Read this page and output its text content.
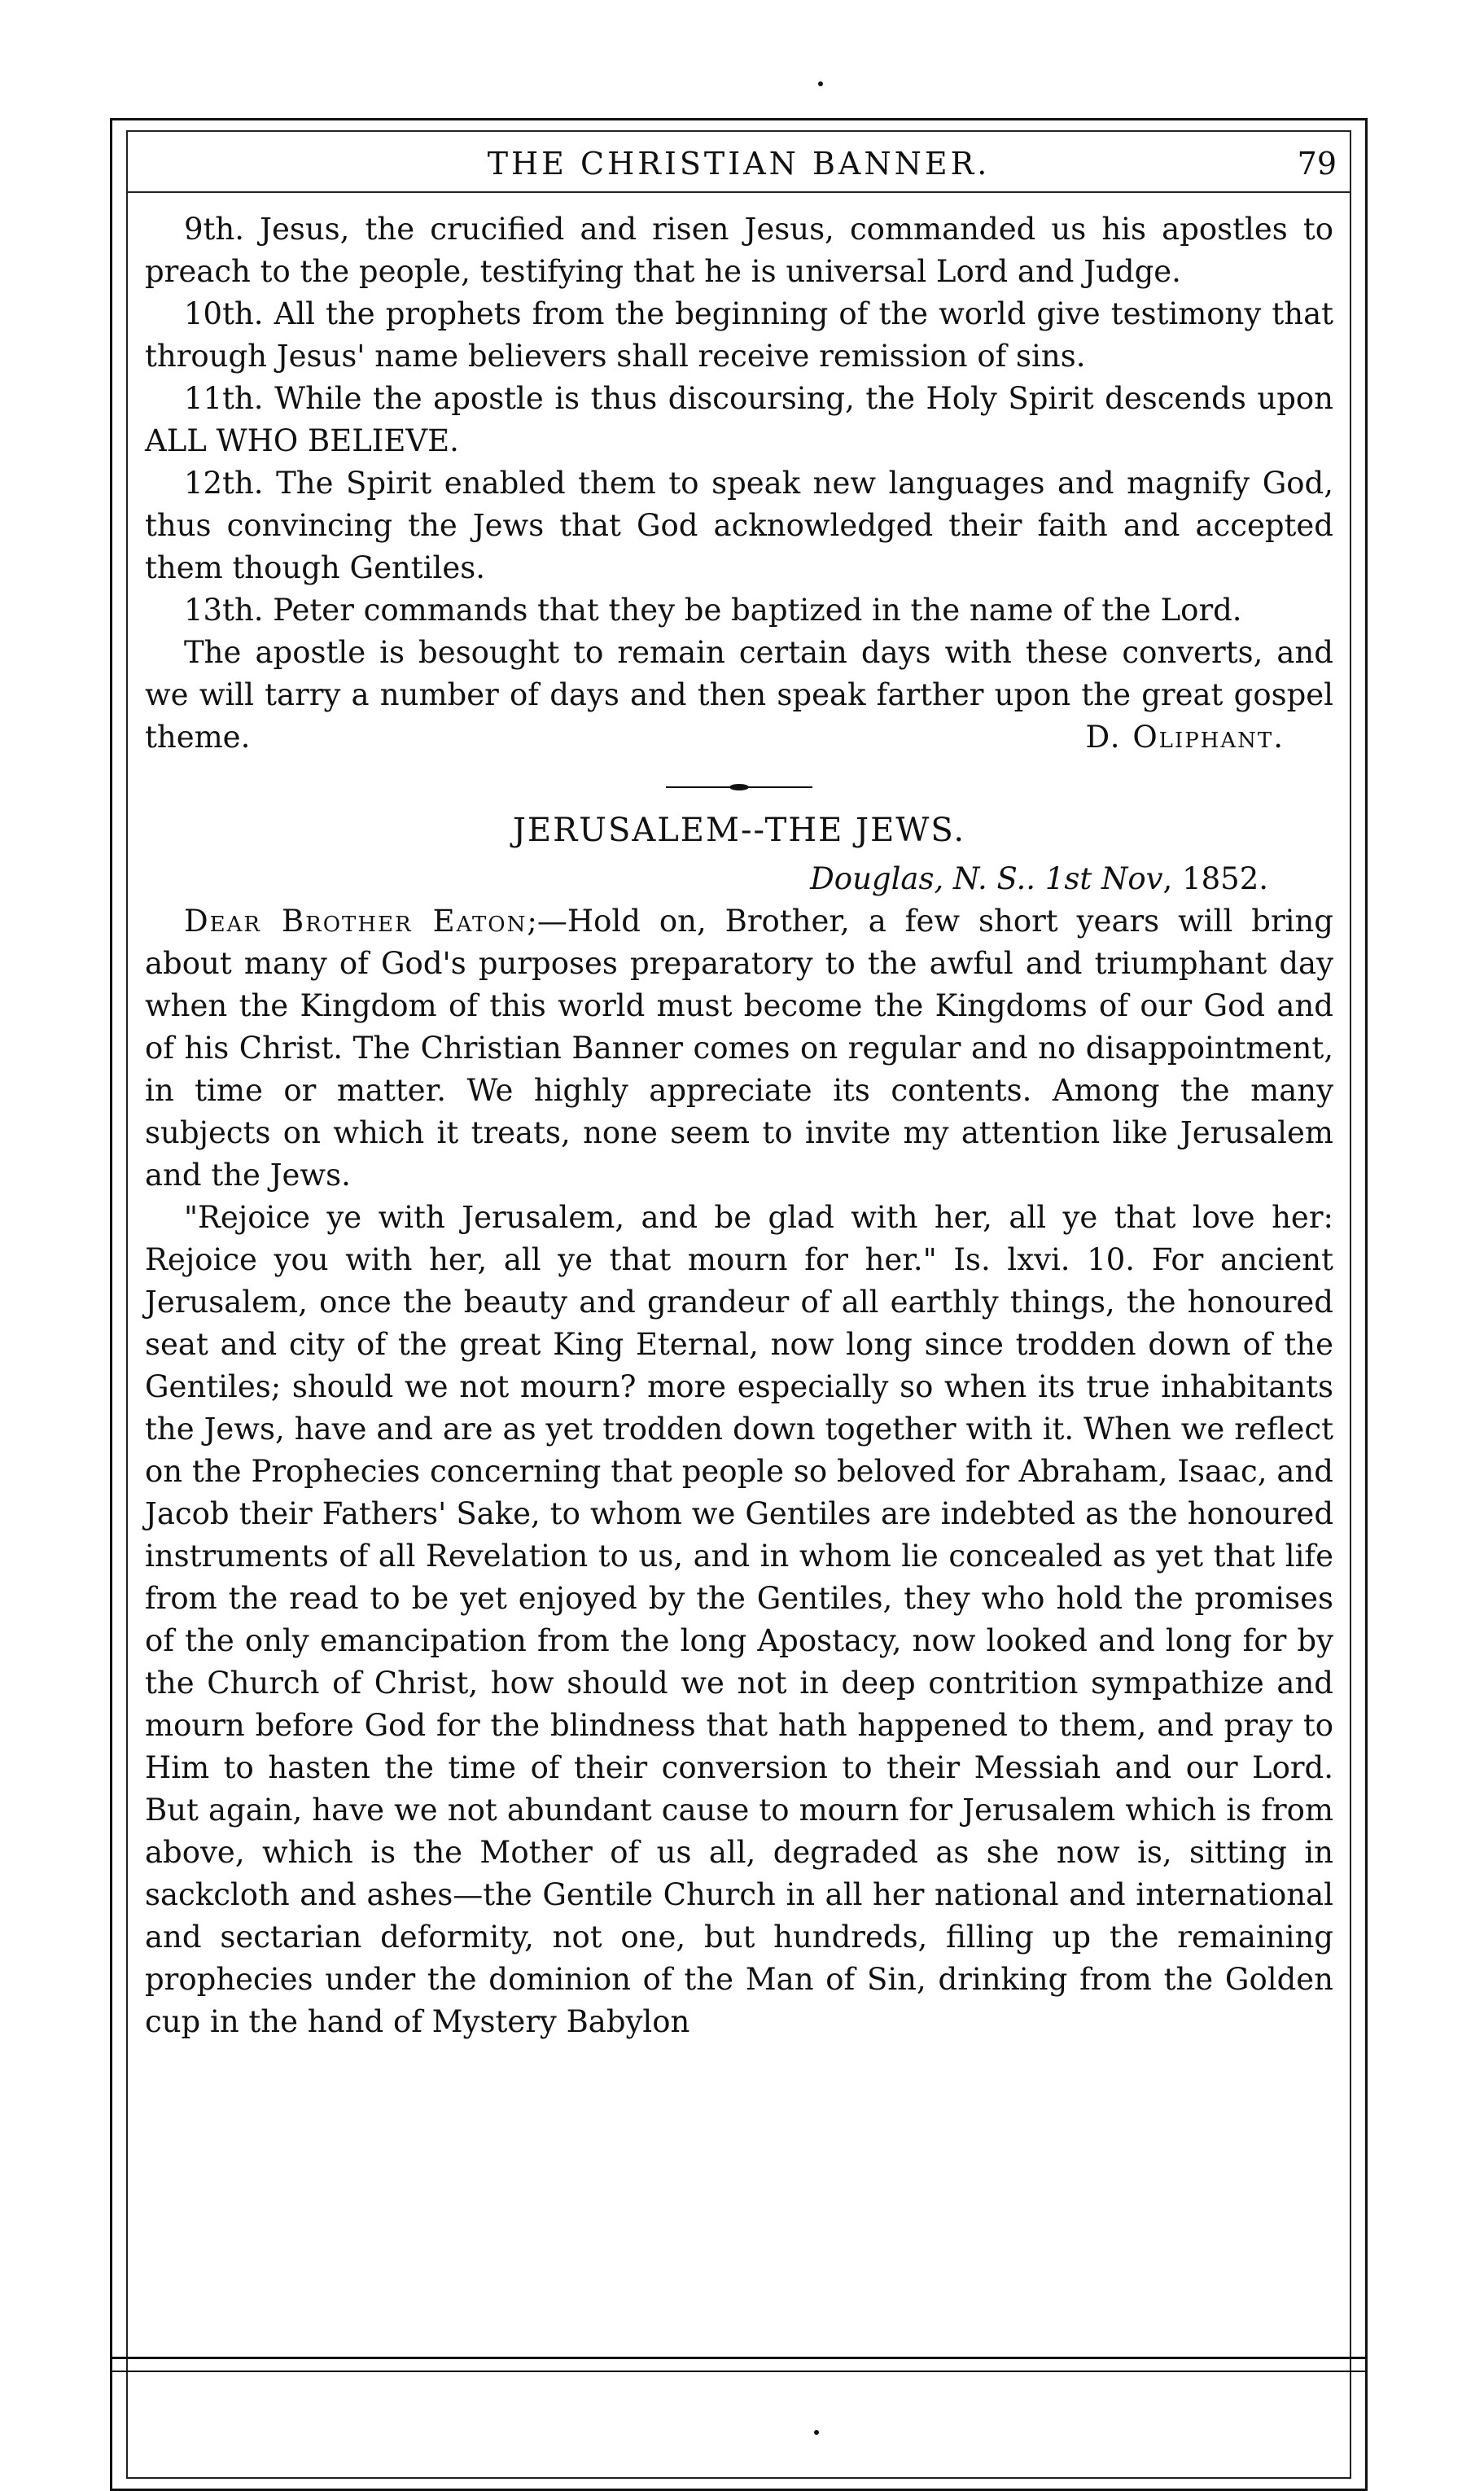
THE CHRISTIAN BANNER.	79

9th. Jesus, the crucified and risen Jesus, commanded us his apostles to preach to the people, testifying that he is universal Lord and Judge.

10th. All the prophets from the beginning of the world give testimony that through Jesus' name believers shall receive remission of sins.

11th. While the apostle is thus discoursing, the Holy Spirit descends upon ALL WHO BELIEVE.

12th. The Spirit enabled them to speak new languages and magnify God, thus convincing the Jews that God acknowledged their faith and accepted them though Gentiles.

13th. Peter commands that they be baptized in the name of the Lord.

The apostle is besought to remain certain days with these converts, and we will tarry a number of days and then speak farther upon the great gospel theme.	D. Oliphant.

JERUSALEM--THE JEWS.

Douglas, N. S.. 1st Nov, 1852.

Dear Brother Eaton;—Hold on, Brother, a few short years will bring about many of God's purposes preparatory to the awful and triumphant day when the Kingdom of this world must become the Kingdoms of our God and of his Christ. The Christian Banner comes on regular and no disappointment, in time or matter. We highly appreciate its contents. Among the many subjects on which it treats, none seem to invite my attention like Jerusalem and the Jews.

"Rejoice ye with Jerusalem, and be glad with her, all ye that love her: Rejoice you with her, all ye that mourn for her." Is. lxvi. 10. For ancient Jerusalem, once the beauty and grandeur of all earthly things, the honoured seat and city of the great King Eternal, now long since trodden down of the Gentiles; should we not mourn? more especially so when its true inhabitants the Jews, have and are as yet trodden down together with it. When we reflect on the Prophecies concerning that people so beloved for Abraham, Isaac, and Jacob their Fathers' Sake, to whom we Gentiles are indebted as the honoured instruments of all Revelation to us, and in whom lie concealed as yet that life from the read to be yet enjoyed by the Gentiles, they who hold the promises of the only emancipation from the long Apostacy, now looked and long for by the Church of Christ, how should we not in deep contrition sympathize and mourn before God for the blindness that hath happened to them, and pray to Him to hasten the time of their conversion to their Messiah and our Lord. But again, have we not abundant cause to mourn for Jerusalem which is from above, which is the Mother of us all, degraded as she now is, sitting in sackcloth and ashes—the Gentile Church in all her national and international and sectarian deformity, not one, but hundreds, filling up the remaining prophecies under the dominion of the Man of Sin, drinking from the Golden cup in the hand of Mystery Babylon
